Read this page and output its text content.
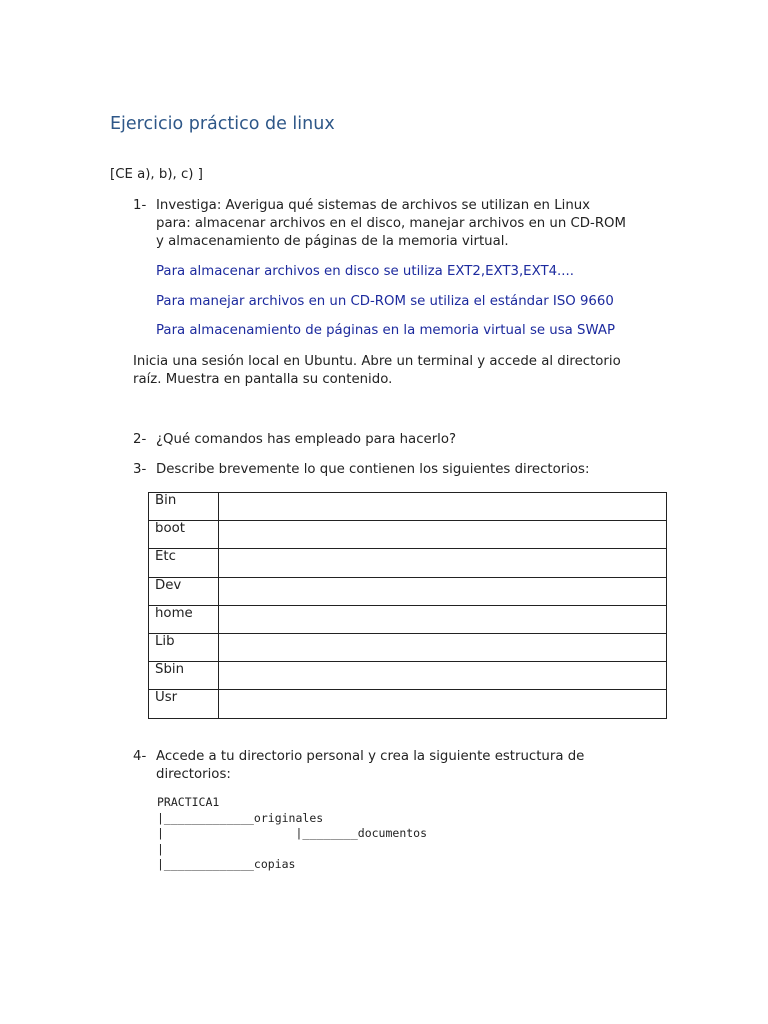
Ejercicio práctico de linux
[CE a), b), c) ]
1- Investiga: Averigua qué sistemas de archivos se utilizan en Linux
para: almacenar archivos en el disco, manejar archivos en un CD-ROM
y almacenamiento de páginas de la memoria virtual.
Para almacenar archivos en disco se utiliza EXT2,EXT3,EXT4....
Para manejar archivos en un CD-ROM se utiliza el estándar ISO 9660
Para almacenamiento de páginas en la memoria virtual se usa SWAP
Inicia una sesión local en Ubuntu. Abre un terminal y accede al directorio
raíz. Muestra en pantalla su contenido.
2- ¿Qué comandos has empleado para hacerlo?
3- Describe brevemente lo que contienen los siguientes directorios:
Bin	
boot	
Etc	
Dev	
home	
Lib	
Sbin	
Usr	
4- Accede a tu directorio personal y crea la siguiente estructura de
directorios:
PRACTICA1
|_____________originales
|                   |________documentos
|
|_____________copias
